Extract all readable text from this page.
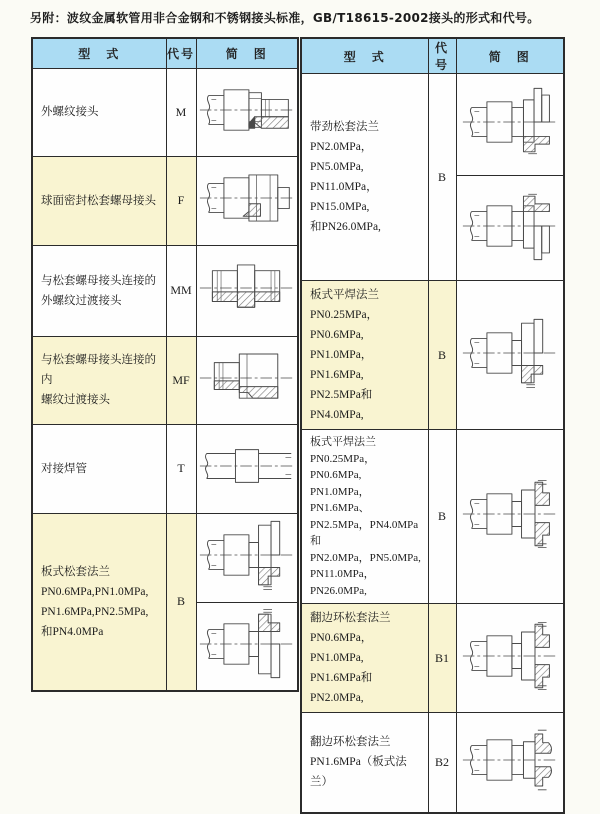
另附：波纹金属软管用非合金钢和不锈钢接头标准，GB/T18615-2002接头的形式和代号。
型　式	代号	简　图

外螺纹接头	M	

球面密封松套螺母接头	F	

与松套螺母接头连接的
外螺纹过渡接头	MM	

与松套螺母接头连接的内
螺纹过渡接头	MF	

对接焊管	T	

板式松套法兰
PN0.6MPa,PN1.0MPa,
PN1.6MPa,PN2.5MPa,
和PN4.0MPa	B	

型　式	代号	简　图

带劲松套法兰
PN2.0MPa，PN5.0MPa,
PN11.0MPa，PN15.0MPa,
和PN26.0MPa,	B	

板式平焊法兰
PN0.25MPa，PN0.6MPa,
PN1.0MPa，PN1.6MPa,
PN2.5MPa和PN4.0MPa,	B	

板式平焊法兰
PN0.25MPa，PN0.6MPa,
PN1.0MPa，PN1.6MPa、
PN2.5MPa，PN4.0MPa和
PN2.0MPa，PN5.0MPa,
PN11.0MPa，PN26.0MPa,
	B	

翻边环松套法兰
PN0.6MPa，PN1.0MPa,
PN1.6MPa和PN2.0MPa,	B1	

翻边环松套法兰
PN1.6MPa（板式法兰）	B2	
